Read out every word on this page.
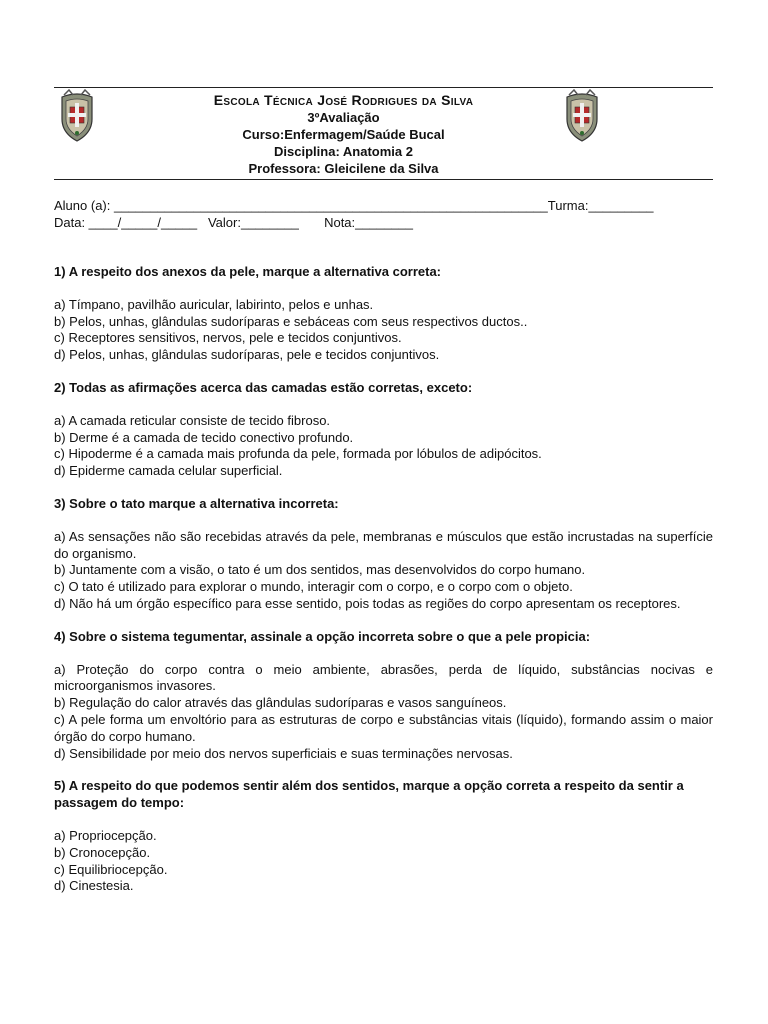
Escola Técnica José Rodrigues da Silva
3ºAvaliação
Curso:Enfermagem/Saúde Bucal
Disciplina: Anatomia 2
Professora: Gleicilene da Silva
Aluno (a): ____________________________________________________________Turma:_________
Data: ____/_____/_____   Valor:________       Nota:________
1) A respeito dos anexos da pele, marque a alternativa correta:
a) Tímpano, pavilhão auricular, labirinto, pelos e unhas.
b) Pelos, unhas, glândulas sudoríparas e sebáceas com seus respectivos ductos..
c) Receptores sensitivos, nervos, pele e tecidos conjuntivos.
d) Pelos, unhas, glândulas sudoríparas, pele e tecidos conjuntivos.
2) Todas as afirmações acerca das camadas estão corretas, exceto:
a) A camada reticular consiste de tecido fibroso.
b) Derme é a camada de tecido conectivo profundo.
c) Hipoderme é a camada mais profunda da pele, formada por lóbulos de adipócitos.
d) Epiderme camada celular superficial.
3) Sobre o tato marque a alternativa incorreta:
a) As sensações não são recebidas através da pele, membranas e músculos que estão incrustadas na superfície do organismo.
b) Juntamente com a visão, o tato é um dos sentidos, mas desenvolvidos do corpo humano.
c) O tato é utilizado para explorar o mundo, interagir com o corpo, e o corpo com o objeto.
d) Não há um órgão específico para esse sentido, pois todas as regiões do corpo apresentam os receptores.
4) Sobre o sistema tegumentar, assinale a opção incorreta sobre o que a pele propicia:
a) Proteção do corpo contra o meio ambiente, abrasões, perda de líquido, substâncias nocivas e microorganismos invasores.
b) Regulação do calor através das glândulas sudoríparas e vasos sanguíneos.
c) A pele forma um envoltório para as estruturas de corpo e substâncias vitais (líquido), formando assim o maior órgão do corpo humano.
d) Sensibilidade por meio dos nervos superficiais e suas terminações nervosas.
5) A respeito do que podemos sentir além dos sentidos, marque a opção correta a respeito da sentir a passagem do tempo:
a) Propriocepção.
b) Cronocepção.
c) Equilibriocepção.
d) Cinestesia.
